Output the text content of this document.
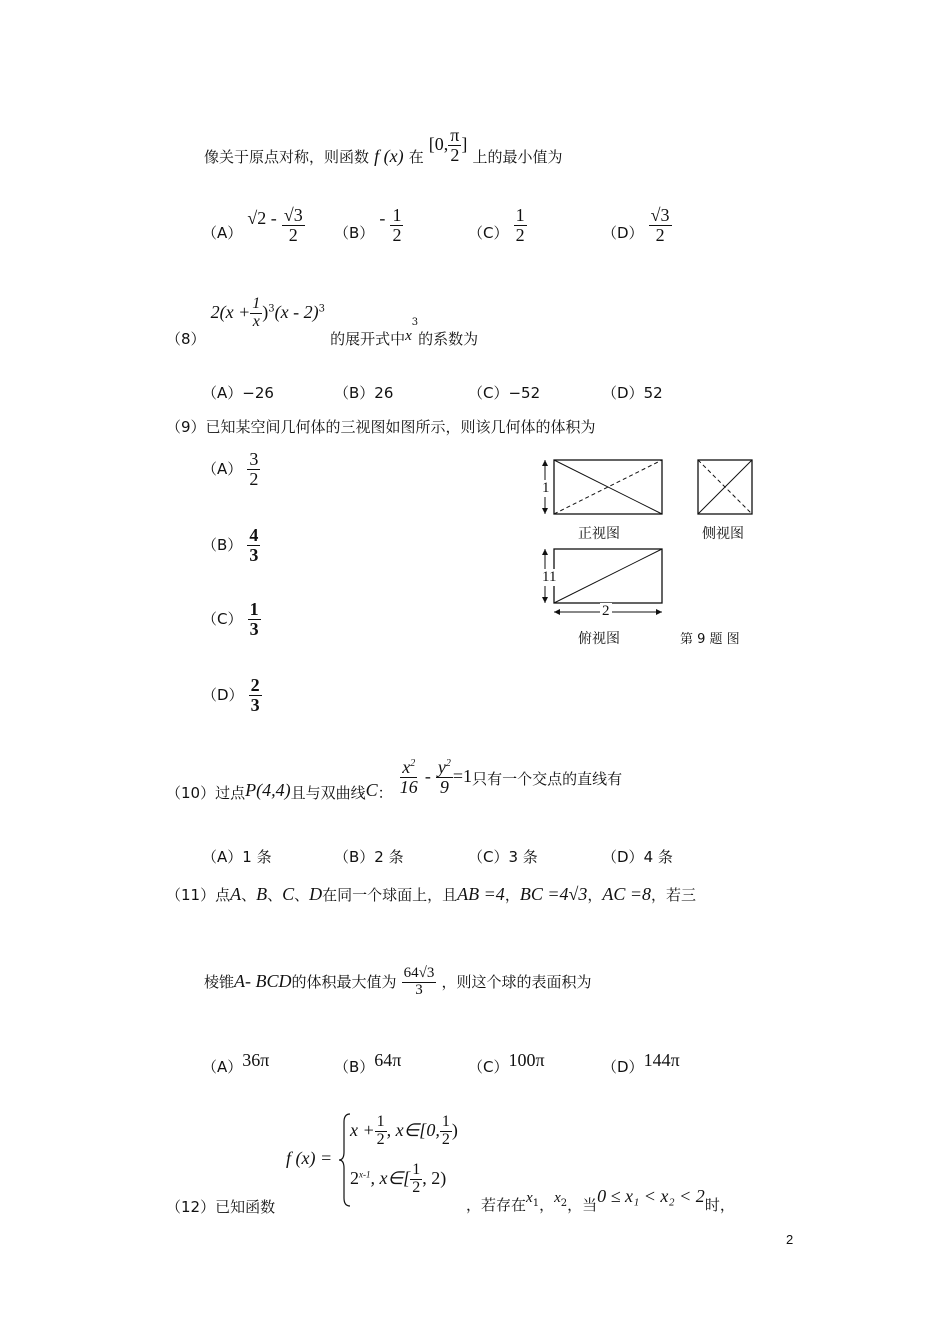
像关于原点对称，则函数 f (x) 在 [0, $\frac{\pi}{2}$ ] 上的最小值为
（A） $√2 - \frac{√3}{2} (B) - \frac{1}{2}$	$(C) \frac{1}{2}$	$(D) \frac{√3}{2}$
（8） $2(x + \frac{1}{x} )^3(x - 2)^3$ 的展开式中$x^3$的系数为
（A）−26	（B）26	（C）−52	（D）52
（9）已知某空间几何体的三视图如图所示，则该几何体的体积为
$(A) \frac{3}{2}$
$(B) \frac{4}{3}$
$(C) \frac{1}{3}$
$(D) \frac{2}{3}$
1
11
2
正视图	侧视图
俯视图	第 9 题 图
（10）过点P(4,4)且与双曲线C： $\frac{x^2}{16} - \frac{y^2}{9} =1$只有一个交点的直线有
（A）1 条	（B）2 条	（C）3 条	（D）4 条
（11）点A、B、C、D在同一个球面上，且AB =4，BC =4√3，AC =8，若三
棱锥A- BCD的体积最大值为 $\frac{64√3}{3}$ ，则这个球的表面积为
（A）36π	（B）64π	（C）100π	（D）144π
（12）已知函数
f (x) =
$x + \frac{1}{2}$ , x∈[0, $\frac{1}{2}$ )
2$^{x-1}$, x∈[ $\frac{1}{2}$ , 2)
，若存在$x_1$，$x_2$，当0 ≤ x₁ < x₂ < 2时，
2
